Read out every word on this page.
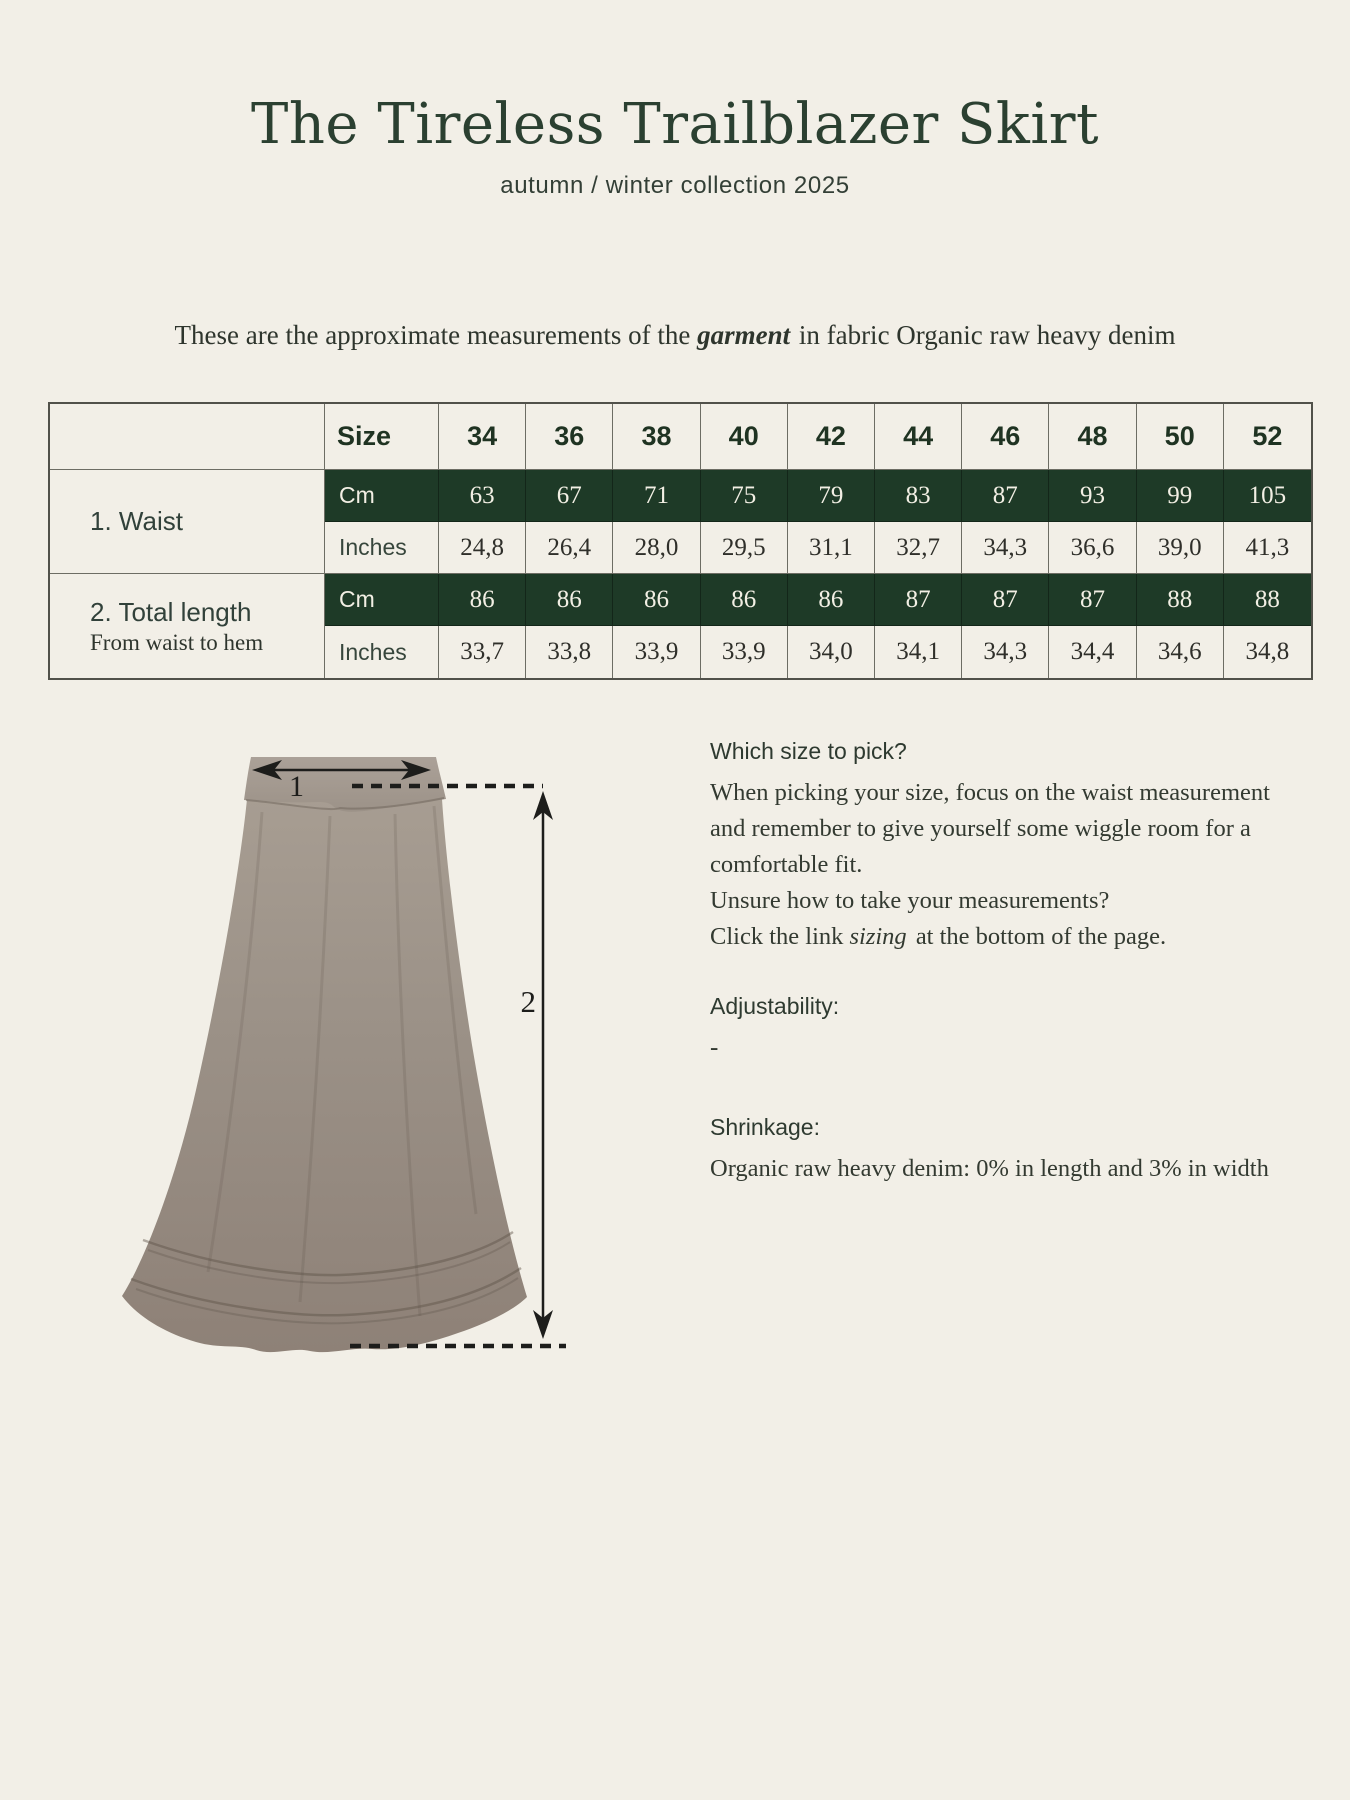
The Tireless Trailblazer Skirt
autumn / winter collection 2025

These are the approximate measurements of the garment in fabric Organic raw heavy denim

Size	34	36	38	40	42	44	46	48	50	52
1. Waist
Cm	63	67	71	75	79	83	87	93	99	105
Inches	24,8	26,4	28,0	29,5	31,1	32,7	34,3	36,6	39,0	41,3
2. Total length
From waist to hem
Cm	86	86	86	86	86	87	87	87	88	88
Inches	33,7	33,8	33,9	33,9	34,0	34,1	34,3	34,4	34,6	34,8
1
2
Which size to pick?
When picking your size, focus on the waist measurement and remember to give yourself some wiggle room for a comfortable fit.
Unsure how to take your measurements?
Click the link sizing at the bottom of the page.
Adjustability:
-
Shrinkage:
Organic raw heavy denim: 0% in length and 3% in width
